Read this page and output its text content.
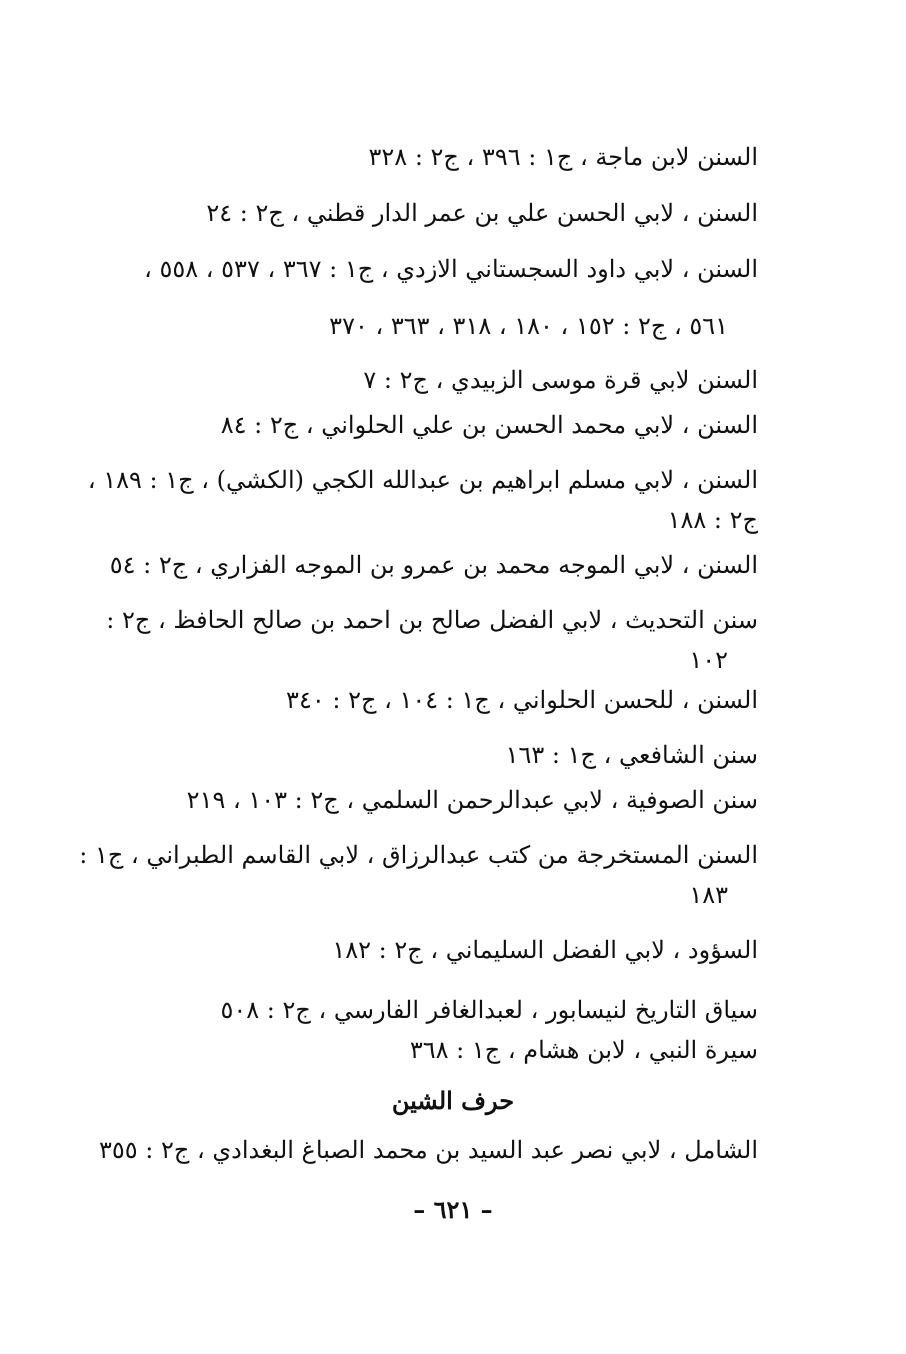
السنن لابن ماجة ، ج١ : ٣٩٦ ، ج٢ : ٣٢٨
السنن ، لابي الحسن علي بن عمر الدار قطني ، ج٢ : ٢٤
السنن ، لابي داود السجستاني الازدي ، ج١ : ٣٦٧ ، ٥٣٧ ، ٥٥٨ ،
٥٦١ ، ج٢ : ١٥٢ ، ١٨٠ ، ٣١٨ ، ٣٦٣ ، ٣٧٠
السنن لابي قرة موسى الزبيدي ، ج٢ : ٧
السنن ، لابي محمد الحسن بن علي الحلواني ، ج٢ : ٨٤
السنن ، لابي مسلم ابراهيم بن عبدالله الكجي (الكشي) ، ج١ : ١٨٩ ،
ج٢ : ١٨٨
السنن ، لابي الموجه محمد بن عمرو بن الموجه الفزاري ، ج٢ : ٥٤
سنن التحديث ، لابي الفضل صالح بن احمد بن صالح الحافظ ، ج٢ :
١٠٢
السنن ، للحسن الحلواني ، ج١ : ١٠٤ ، ج٢ : ٣٤٠
سنن الشافعي ، ج١ : ١٦٣
سنن الصوفية ، لابي عبدالرحمن السلمي ، ج٢ : ١٠٣ ، ٢١٩
السنن المستخرجة من كتب عبدالرزاق ، لابي القاسم الطبراني ، ج١ :
١٨٣
السؤود ، لابي الفضل السليماني ، ج٢ : ١٨٢
سياق التاريخ لنيسابور ، لعبدالغافر الفارسي ، ج٢ : ٥٠٨
سيرة النبي ، لابن هشام ، ج١ : ٣٦٨
حرف الشين
الشامل ، لابي نصر عبد السيد بن محمد الصباغ البغدادي ، ج٢ : ٣٥٥
– ٦٢١ –
